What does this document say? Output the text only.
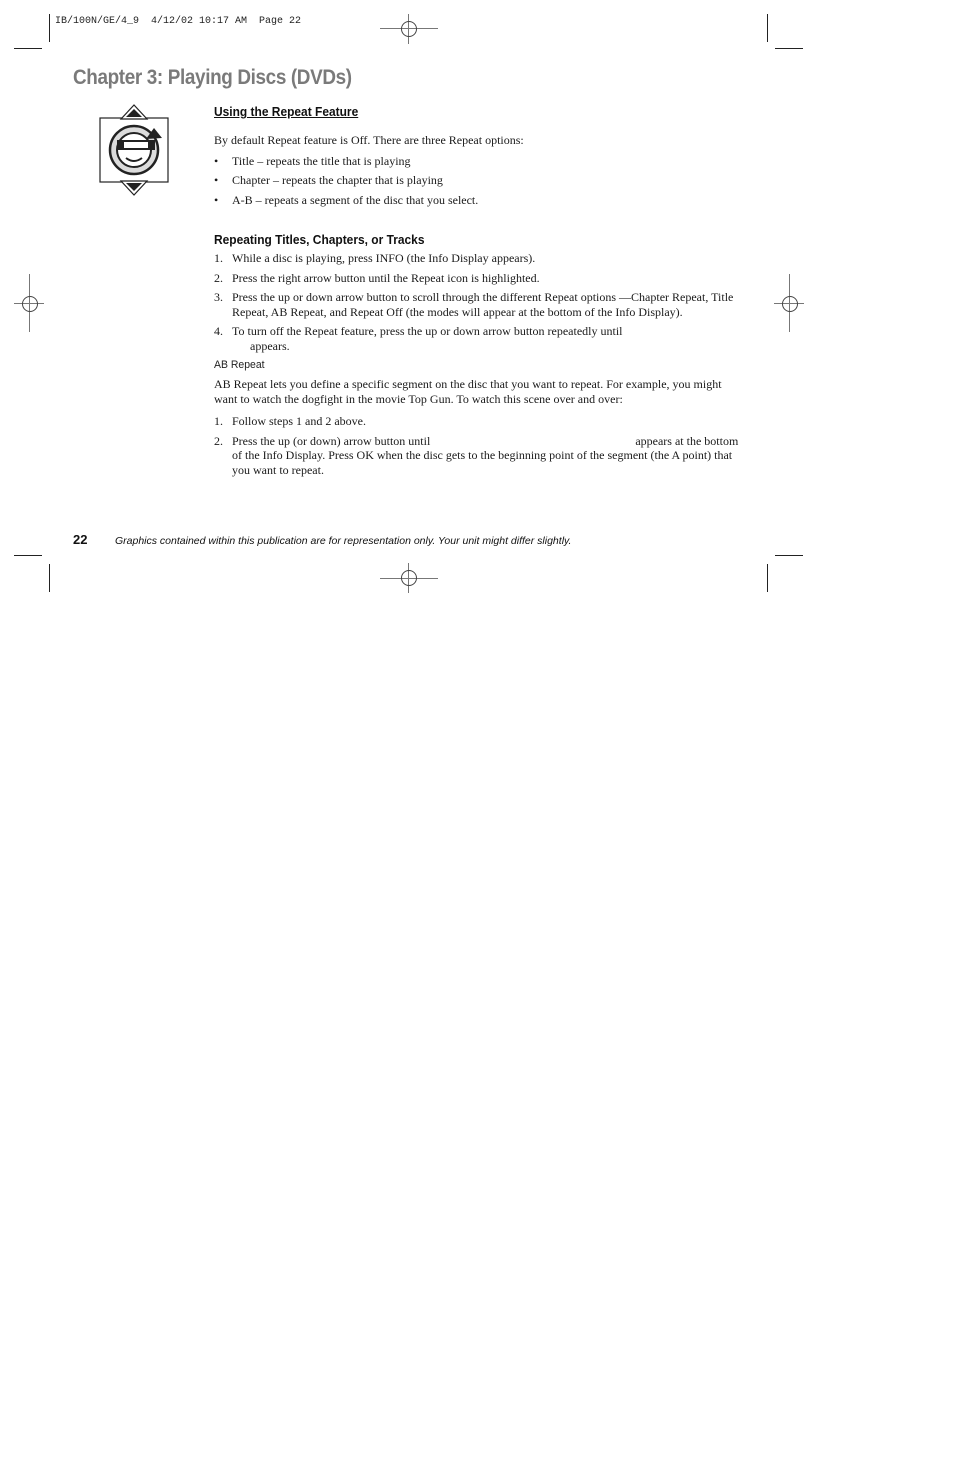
IB/100N/GE/4_9  4/12/02 10:17 AM  Page 22
Chapter 3: Playing Discs (DVDs)
Using the Repeat Feature

By default Repeat feature is Off. There are three Repeat options:

• Title – repeats the title that is playing
• Chapter – repeats the chapter that is playing
• A-B – repeats a segment of the disc that you select.
Repeating Titles, Chapters, or Tracks
1. While a disc is playing, press INFO (the Info Display appears).
2. Press the right arrow button until the Repeat icon is highlighted.
3. Press the up or down arrow button to scroll through the different Repeat options —Chapter Repeat, Title Repeat, AB Repeat, and Repeat Off (the modes will appear at the bottom of the Info Display).
4. To turn off the Repeat feature, press the up or down arrow button repeatedly until
appears.
AB Repeat

AB Repeat lets you define a specific segment on the disc that you want to repeat. For example, you might want to watch the dogfight in the movie Top Gun. To watch this scene over and over:

1. Follow steps 1 and 2 above.
2. Press the up (or down) arrow button until	appears at the bottom of the Info Display. Press OK when the disc gets to the beginning point of the segment (the A point) that you want to repeat.
22	Graphics contained within this publication are for representation only. Your unit might differ slightly.
